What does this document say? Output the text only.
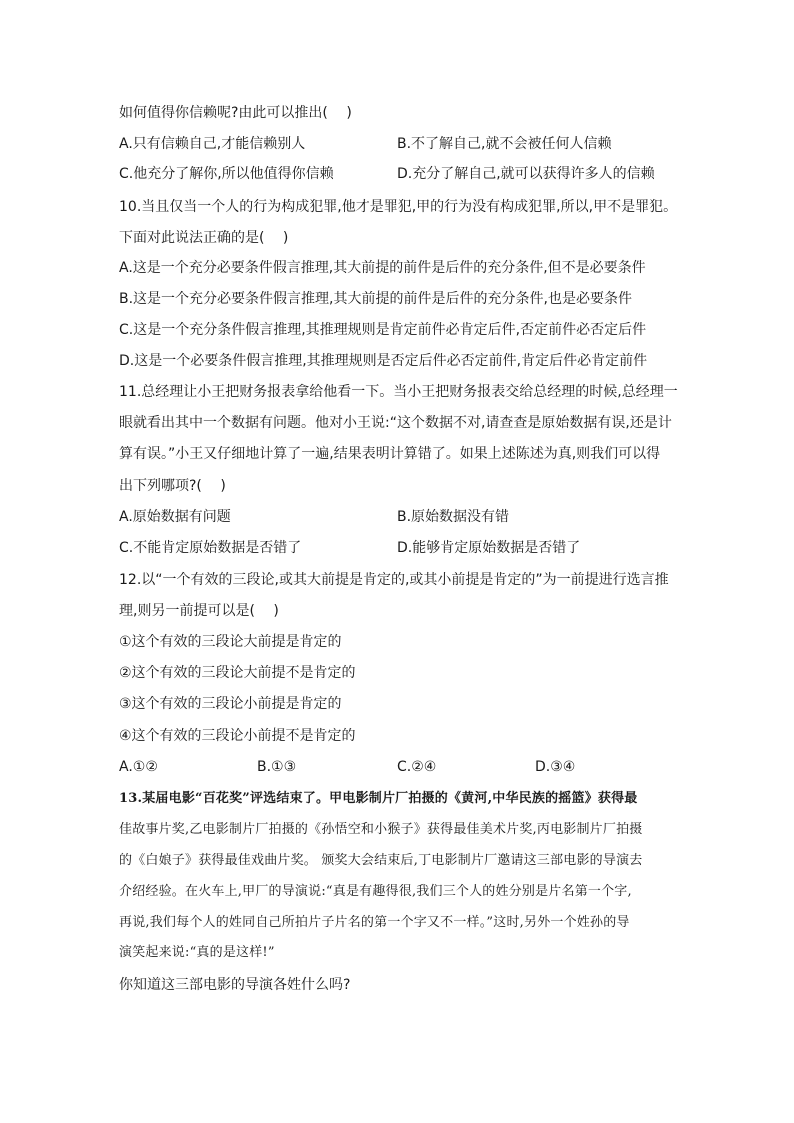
如何值得你信赖呢?由此可以推出(　 )
A.只有信赖自己,才能信赖别人	B.不了解自己,就不会被任何人信赖
C.他充分了解你,所以他值得你信赖	D.充分了解自己,就可以获得许多人的信赖
10.当且仅当一个人的行为构成犯罪,他才是罪犯,甲的行为没有构成犯罪,所以,甲不是罪犯。
下面对此说法正确的是(　 )
A.这是一个充分必要条件假言推理,其大前提的前件是后件的充分条件,但不是必要条件
B.这是一个充分必要条件假言推理,其大前提的前件是后件的充分条件,也是必要条件
C.这是一个充分条件假言推理,其推理规则是肯定前件必肯定后件,否定前件必否定后件
D.这是一个必要条件假言推理,其推理规则是否定后件必否定前件,肯定后件必肯定前件
11.总经理让小王把财务报表拿给他看一下。当小王把财务报表交给总经理的时候,总经理一
眼就看出其中一个数据有问题。他对小王说:“这个数据不对,请查查是原始数据有误,还是计
算有误。”小王又仔细地计算了一遍,结果表明计算错了。如果上述陈述为真,则我们可以得
出下列哪项?(　 )
A.原始数据有问题	B.原始数据没有错
C.不能肯定原始数据是否错了	D.能够肯定原始数据是否错了
12.以“一个有效的三段论,或其大前提是肯定的,或其小前提是肯定的”为一前提进行选言推
理,则另一前提可以是(　 )
①这个有效的三段论大前提是肯定的
②这个有效的三段论大前提不是肯定的
③这个有效的三段论小前提是肯定的
④这个有效的三段论小前提不是肯定的
A.①②	B.①③	C.②④	D.③④
13.某届电影“百花奖”评选结束了。甲电影制片厂拍摄的《黄河,中华民族的摇篮》获得最
佳故事片奖,乙电影制片厂拍摄的《孙悟空和小猴子》获得最佳美术片奖,丙电影制片厂拍摄
的《白娘子》获得最佳戏曲片奖。 颁奖大会结束后,丁电影制片厂邀请这三部电影的导演去
介绍经验。在火车上,甲厂的导演说:“真是有趣得很,我们三个人的姓分别是片名第一个字,
再说,我们每个人的姓同自己所拍片子片名的第一个字又不一样。”这时,另外一个姓孙的导
演笑起来说:“真的是这样!”
你知道这三部电影的导演各姓什么吗?
